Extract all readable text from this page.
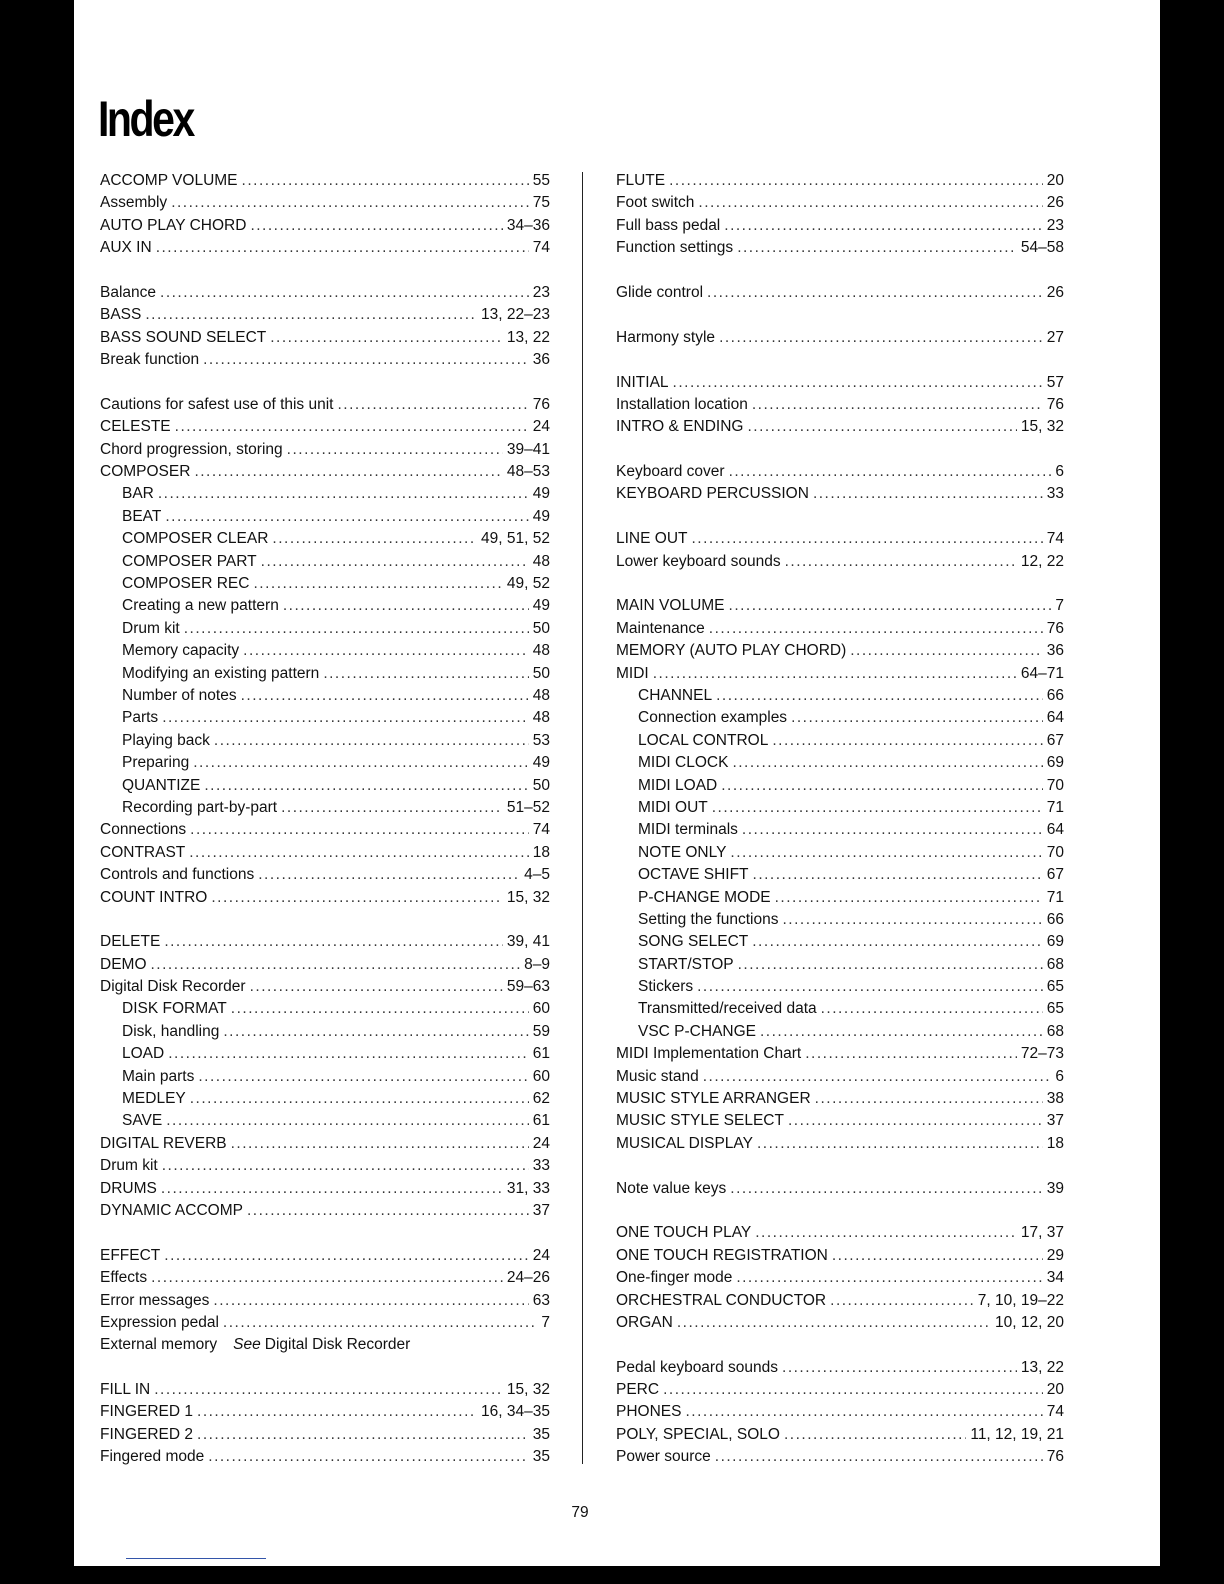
Index
ACCOMP VOLUME .....	55
Assembly .....	75
AUTO PLAY CHORD .....	34–36
AUX IN .....	74
Balance .....	23
BASS .....	13, 22–23
BASS SOUND SELECT .....	13, 22
Break function .....	36
Cautions for safest use of this unit .....	76
CELESTE .....	24
Chord progression, storing .....	39–41
COMPOSER .....	48–53
BAR .....	49
BEAT .....	49
COMPOSER CLEAR .....	49, 51, 52
COMPOSER PART .....	48
COMPOSER REC .....	49, 52
Creating a new pattern .....	49
Drum kit .....	50
Memory capacity .....	48
Modifying an existing pattern .....	50
Number of notes .....	48
Parts .....	48
Playing back .....	53
Preparing .....	49
QUANTIZE .....	50
Recording part-by-part .....	51–52
Connections .....	74
CONTRAST .....	18
Controls and functions .....	4–5
COUNT INTRO .....	15, 32
DELETE .....	39, 41
DEMO .....	8–9
Digital Disk Recorder .....	59–63
DISK FORMAT .....	60
Disk, handling .....	59
LOAD .....	61
Main parts .....	60
MEDLEY .....	62
SAVE .....	61
DIGITAL REVERB .....	24
Drum kit .....	33
DRUMS .....	31, 33
DYNAMIC ACCOMP .....	37
EFFECT .....	24
Effects .....	24–26
Error messages .....	63
Expression pedal .....	7
External memory See Digital Disk Recorder
FILL IN .....	15, 32
FINGERED 1 .....	16, 34–35
FINGERED 2 .....	35
Fingered mode .....	35
FLUTE .....	20
Foot switch .....	26
Full bass pedal .....	23
Function settings .....	54–58
Glide control .....	26
Harmony style .....	27
INITIAL .....	57
Installation location .....	76
INTRO & ENDING .....	15, 32
Keyboard cover .....	6
KEYBOARD PERCUSSION .....	33
LINE OUT .....	74
Lower keyboard sounds .....	12, 22
MAIN VOLUME .....	7
Maintenance .....	76
MEMORY (AUTO PLAY CHORD) .....	36
MIDI .....	64–71
CHANNEL .....	66
Connection examples .....	64
LOCAL CONTROL .....	67
MIDI CLOCK .....	69
MIDI LOAD .....	70
MIDI OUT .....	71
MIDI terminals .....	64
NOTE ONLY .....	70
OCTAVE SHIFT .....	67
P-CHANGE MODE .....	71
Setting the functions .....	66
SONG SELECT .....	69
START/STOP .....	68
Stickers .....	65
Transmitted/received data .....	65
VSC P-CHANGE .....	68
MIDI Implementation Chart .....	72–73
Music stand .....	6
MUSIC STYLE ARRANGER .....	38
MUSIC STYLE SELECT .....	37
MUSICAL DISPLAY .....	18
Note value keys .....	39
ONE TOUCH PLAY .....	17, 37
ONE TOUCH REGISTRATION .....	29
One-finger mode .....	34
ORCHESTRAL CONDUCTOR .....	7, 10, 19–22
ORGAN .....	10, 12, 20
Pedal keyboard sounds .....	13, 22
PERC .....	20
PHONES .....	74
POLY, SPECIAL, SOLO .....	11, 12, 19, 21
Power source .....	76
79
